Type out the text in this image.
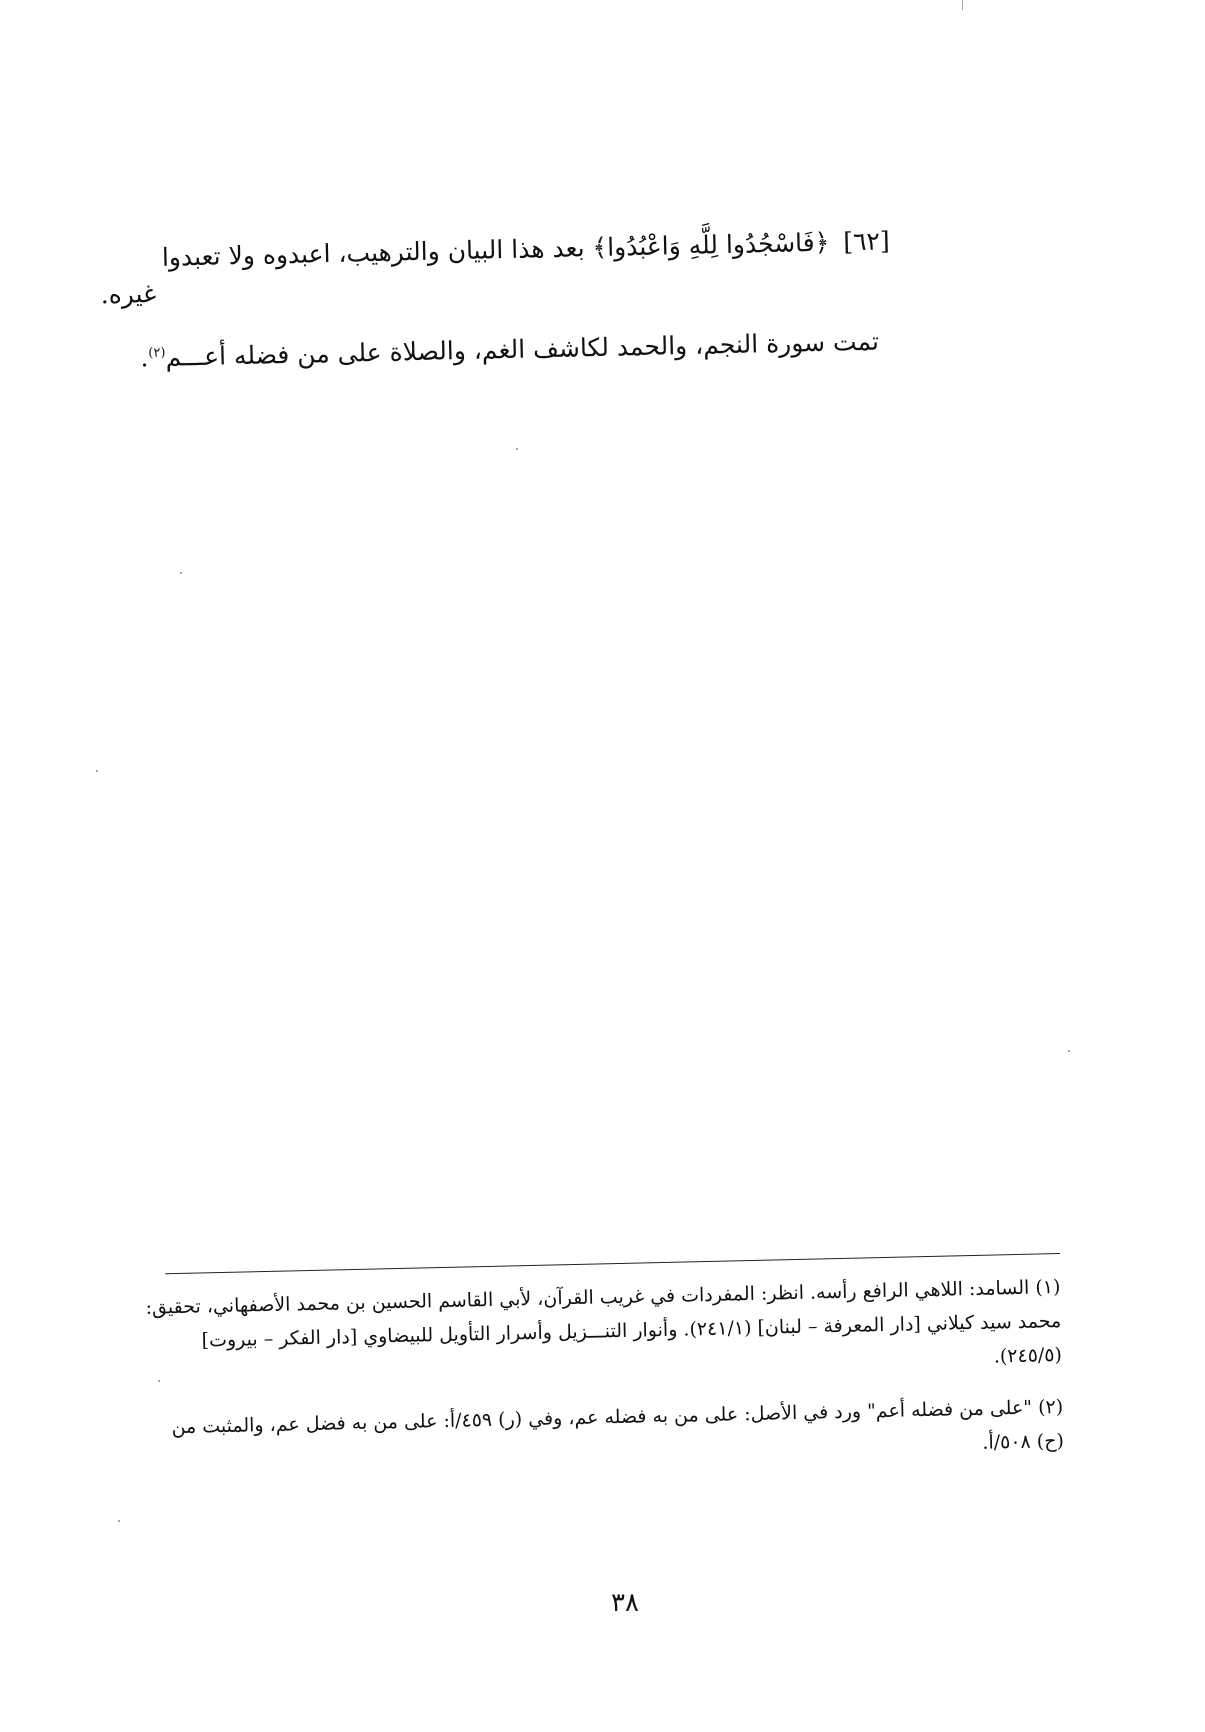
[٦٢] ﴿فَاسْجُدُوا لِلَّهِ وَاعْبُدُوا﴾ بعد هذا البيان والترهيب، اعبدوه ولا تعبدوا
غيره.
تمت سورة النجم، والحمد لكاشف الغم، والصلاة على من فضله أعـــم$^{(٢)}$.
(١) السامد: اللاهي الرافع رأسه. انظر: المفردات في غريب القرآن، لأبي القاسم الحسين بن محمد الأصفهاني، تحقيق:
محمد سيد كيلاني [دار المعرفة – لبنان] (٢٤١/١). وأنوار التنـــزيل وأسرار التأويل للبيضاوي [دار الفكر – بيروت]
(٢٤٥/٥).
(٢) "على من فضله أعم" ورد في الأصل: على من به فضله عم، وفي (ر) ٤٥٩/أ: على من به فضل عم، والمثبت من
(ح) ٥٠٨/أ.
٣٨
